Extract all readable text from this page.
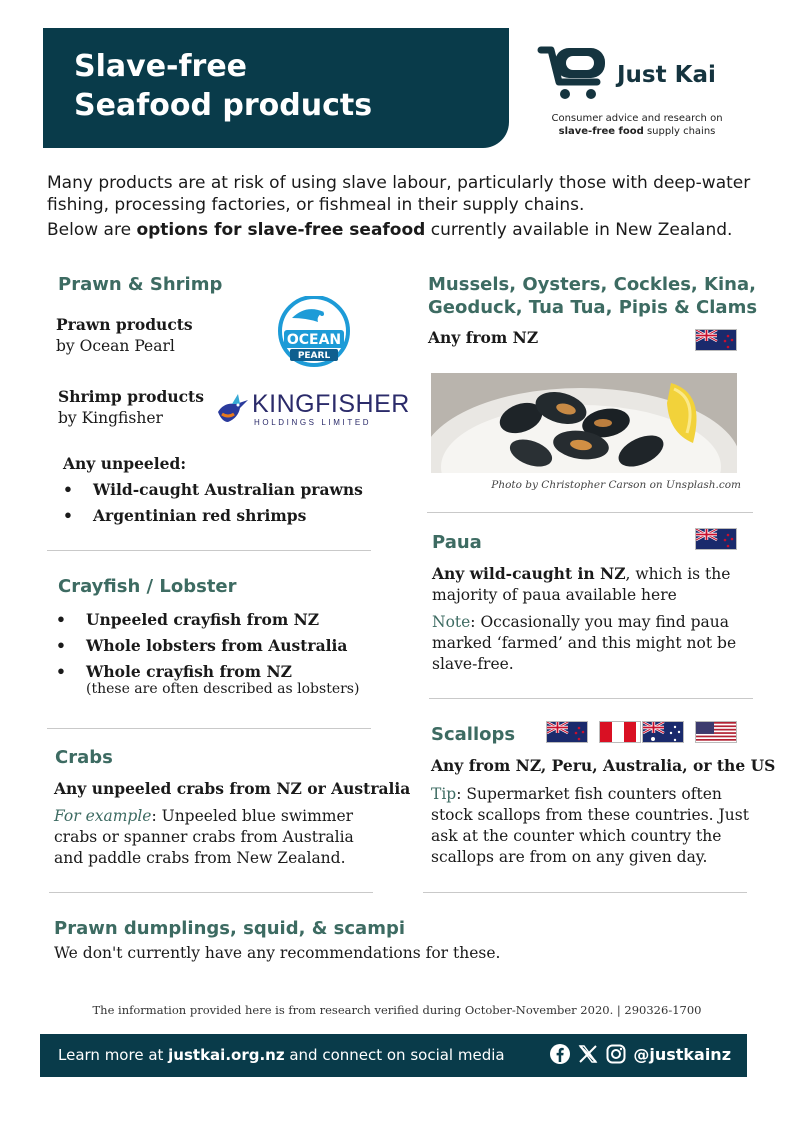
Slave-free
Seafood products
Just Kai
Consumer advice and research on
slave-free food supply chains

Many products are at risk of using slave labour, particularly those with deep-water fishing, processing factories, or fishmeal in their supply chains.

Below are options for slave-free seafood currently available in New Zealand.

Prawn & Shrimp
Prawn products
by Ocean Pearl	OCEAN
PEARL
Shrimp products
by Kingfisher	KINGFISHER
HOLDINGS LIMITED
Any unpeeled:
• Wild-caught Australian prawns
• Argentinian red shrimps
Crayfish / Lobster
• Unpeeled crayfish from NZ
• Whole lobsters from Australia
• Whole crayfish from NZ
(these are often described as lobsters)
Crabs
Any unpeeled crabs from NZ or Australia
For example: Unpeeled blue swimmer crabs or spanner crabs from Australia and paddle crabs from New Zealand.
Mussels, Oysters, Cockles, Kina,
Geoduck, Tua Tua, Pipis & Clams
Any from NZ
Photo by Christopher Carson on Unsplash.com
Paua
Any wild-caught in NZ, which is the majority of paua available here
Note: Occasionally you may find paua marked ‘farmed’ and this might not be slave-free.
Scallops
Any from NZ, Peru, Australia, or the US
Tip: Supermarket fish counters often stock scallops from these countries. Just ask at the counter which country the scallops are from on any given day.
Prawn dumplings, squid, & scampi
We don't currently have any recommendations for these.
The information provided here is from research verified during October-November 2020. | 290326-1700
Learn more at justkai.org.nz and connect on social media	@justkainz
